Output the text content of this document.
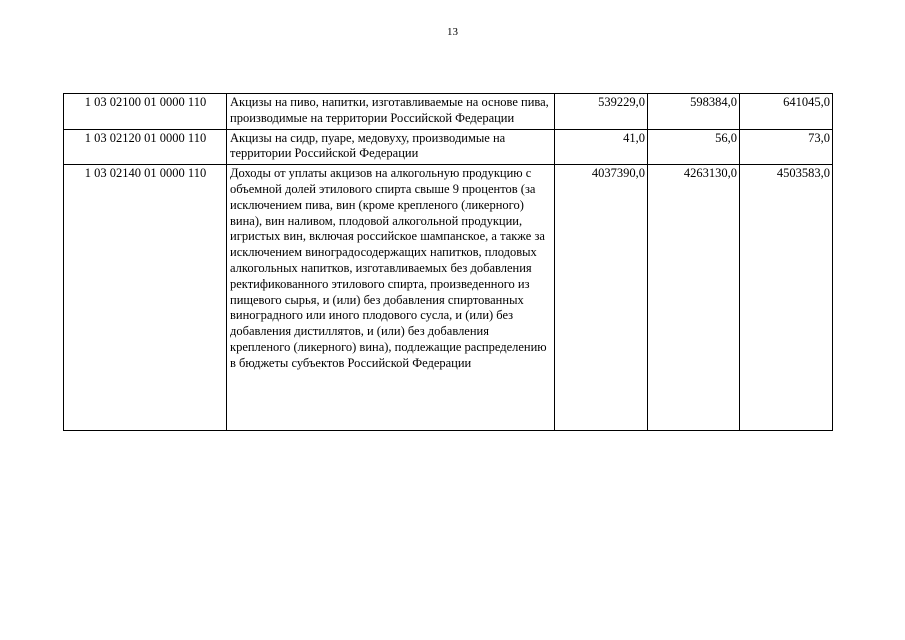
13
1 03 02100 01 0000 110	Акцизы на пиво, напитки, изготавливаемые на основе пива, производимые на территории Российской Федерации	539229,0	598384,0	641045,0
1 03 02120 01 0000 110	Акцизы на сидр, пуаре, медовуху, производимые на территории Российской Федерации	41,0	56,0	73,0
1 03 02140 01 0000 110	Доходы от уплаты акцизов на алкогольную продукцию с объемной долей этилового спирта свыше 9 процентов (за исключением пива, вин (кроме крепленого (ликерного) вина), вин наливом, плодовой алкогольной продукции, игристых вин, включая российское шампанское, а также за исключением виноградосодержащих напитков, плодовых алкогольных напитков, изготавливаемых без добавления ректификованного этилового спирта, произведенного из пищевого сырья, и (или) без добавления спиртованных виноградного или иного плодового сусла, и (или) без добавления дистиллятов, и (или) без добавления крепленого (ликерного) вина), подлежащие распределению в бюджеты субъектов Российской Федерации	4037390,0	4263130,0	4503583,0
